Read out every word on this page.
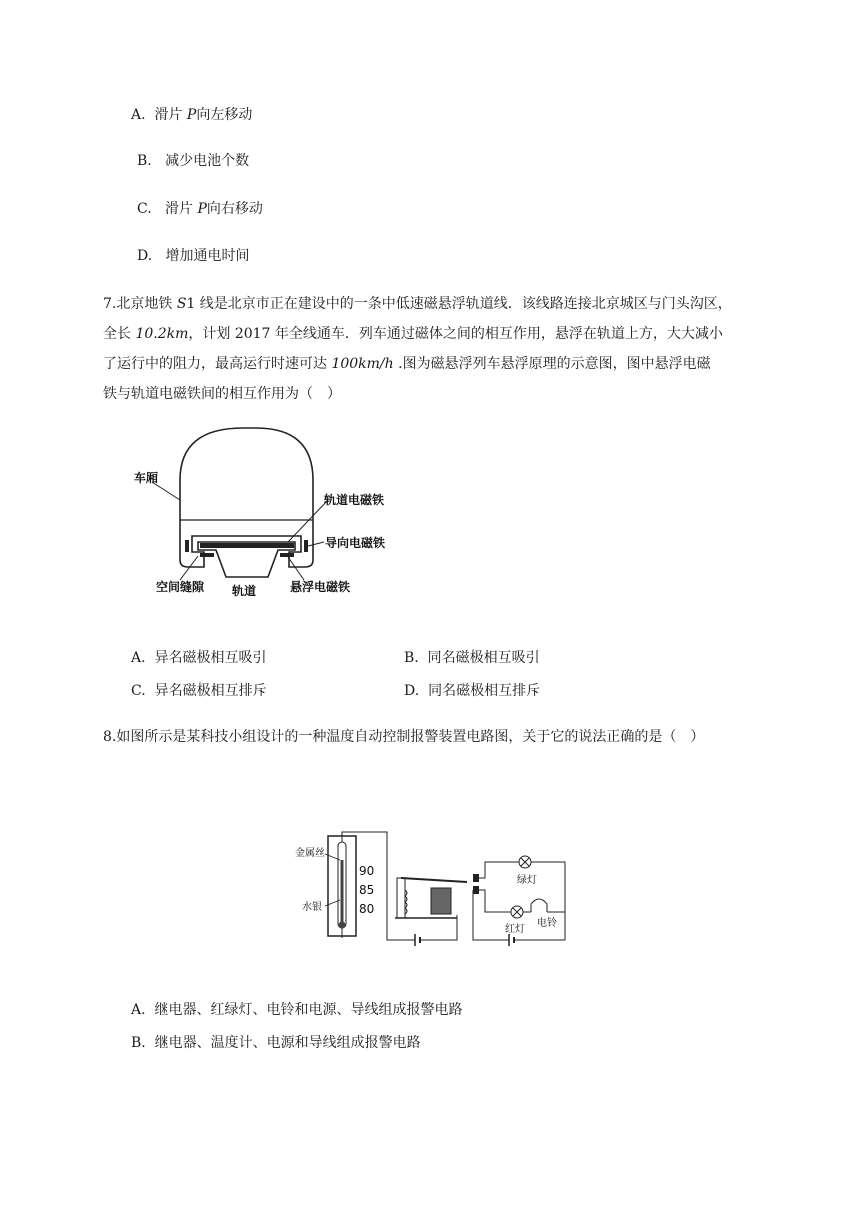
A. 滑片 P向左移动
B. 减少电池个数
C. 滑片 P向右移动
D. 增加通电时间
7.北京地铁 S1 线是北京市正在建设中的一条中低速磁悬浮轨道线．该线路连接北京城区与门头沟区，
全长 10.2km，计划 2017 年全线通车．列车通过磁体之间的相互作用，悬浮在轨道上方，大大减小
了运行中的阻力，最高运行时速可达 100km/h .图为磁悬浮列车悬浮原理的示意图，图中悬浮电磁
铁与轨道电磁铁间的相互作用为（　）
车厢
轨道电磁铁
导向电磁铁
空间缝隙 轨道	悬浮电磁铁
A. 异名磁极相互吸引	B. 同名磁极相互吸引
C. 异名磁极相互排斥	D. 同名磁极相互排斥
8.如图所示是某科技小组设计的一种温度自动控制报警装置电路图，关于它的说法正确的是（　）
90
85
80
金属丝
水银
绿灯
电铃
红灯
A. 继电器、红绿灯、电铃和电源、导线组成报警电路
B. 继电器、温度计、电源和导线组成报警电路
